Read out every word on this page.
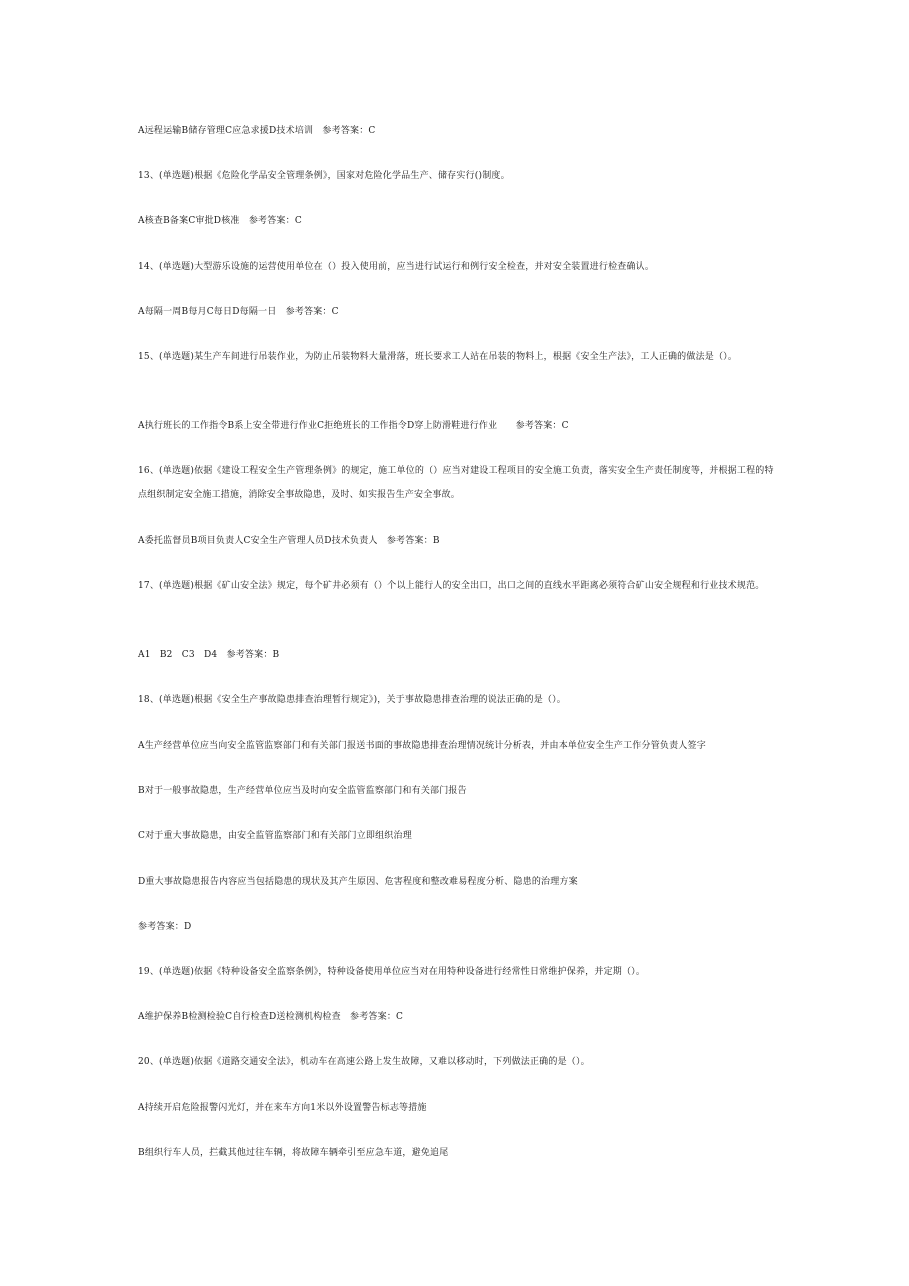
A远程运输B储存管理C应急求援D技术培训　参考答案：C
13、(单选题)根据《危险化学品安全管理条例》，国家对危险化学品生产、储存实行()制度。
A核查B备案C审批D核准　参考答案：C
14、(单选题)大型游乐设施的运营使用单位在（）投入使用前，应当进行试运行和例行安全检查，并对安全装置进行检查确认。
A每隔一周B每月C每日D每隔一日　参考答案：C
15、(单选题)某生产车间进行吊装作业，为防止吊装物料大量滑落，班长要求工人站在吊装的物料上，根据《安全生产法》，工人正确的做法是（）。
A执行班长的工作指令B系上安全带进行作业C拒绝班长的工作指令D穿上防滑鞋进行作业　　参考答案：C
16、(单选题)依据《建设工程安全生产管理条例》的规定，施工单位的（）应当对建设工程项目的安全施工负责，落实安全生产责任制度等，并根据工程的特点组织制定安全施工措施，消除安全事故隐患，及时、如实报告生产安全事故。
A委托监督员B项目负责人C安全生产管理人员D技术负责人　参考答案：B
17、(单选题)根据《矿山安全法》规定，每个矿井必须有（）个以上能行人的安全出口，出口之间的直线水平距离必须符合矿山安全规程和行业技术规范。
A1　B2　C3　D4　参考答案：B
18、(单选题)根据《安全生产事故隐患排查治理暂行规定》)，关于事故隐患排查治理的说法正确的是（）。
A生产经营单位应当向安全监管监察部门和有关部门报送书面的事故隐患排查治理情况统计分析表，并由本单位安全生产工作分管负责人签字
B对于一般事故隐患，生产经营单位应当及时向安全监管监察部门和有关部门报告
C对于重大事故隐患，由安全监管监察部门和有关部门立即组织治理
D重大事故隐患报告内容应当包括隐患的现状及其产生原因、危害程度和整改难易程度分析、隐患的治理方案
参考答案：D
19、(单选题)依据《特种设备安全监察条例》，特种设备使用单位应当对在用特种设备进行经常性日常维护保养，并定期（）。
A维护保养B检测检验C自行检查D送检测机构检查　参考答案：C
20、(单选题)依据《道路交通安全法》，机动车在高速公路上发生故障，又难以移动时，下列做法正确的是（）。
A持续开启危险报警闪光灯，并在来车方向1米以外设置警告标志等措施
B组织行车人员，拦截其他过往车辆，将故障车辆牵引至应急车道，避免追尾
